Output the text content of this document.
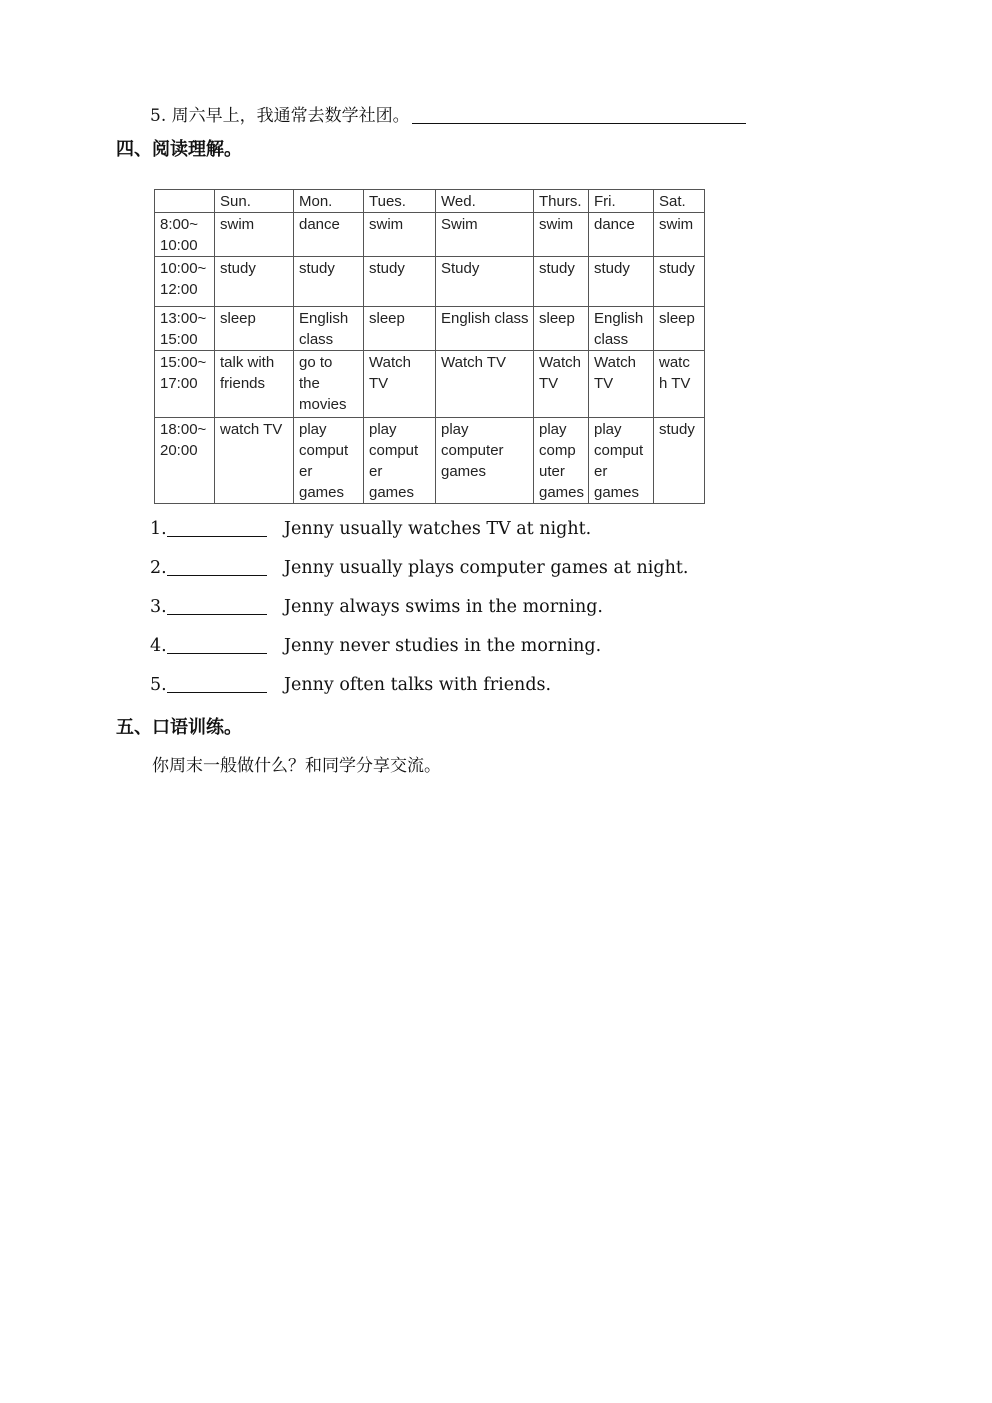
5. 周六早上，我通常去数学社团。
四、阅读理解。

	Sun.	Mon.	Tues.	Wed.	Thurs.	Fri.	Sat.

8:00~
10:00	swim	dance	swim	Swim	swim	dance	swim

10:00~
12:00	study	study	study	Study	study	study	study

13:00~
15:00	sleep	English
class	sleep	English class	sleep	English
class	sleep

15:00~
17:00	talk with
friends	go to
the
movies	Watch
TV	Watch TV	Watch
TV	Watch
TV	watc
h TV

18:00~
20:00	watch TV	play
comput
er
games	play
comput
er
games	play
computer
games	play
comp
uter
games	play
comput
er
games	study
1.	Jenny usually watches TV at night.
2.	Jenny usually plays computer games at night.
3.	Jenny always swims in the morning.
4.	Jenny never studies in the morning.
5.	Jenny often talks with friends.
五、口语训练。
你周末一般做什么？和同学分享交流。
